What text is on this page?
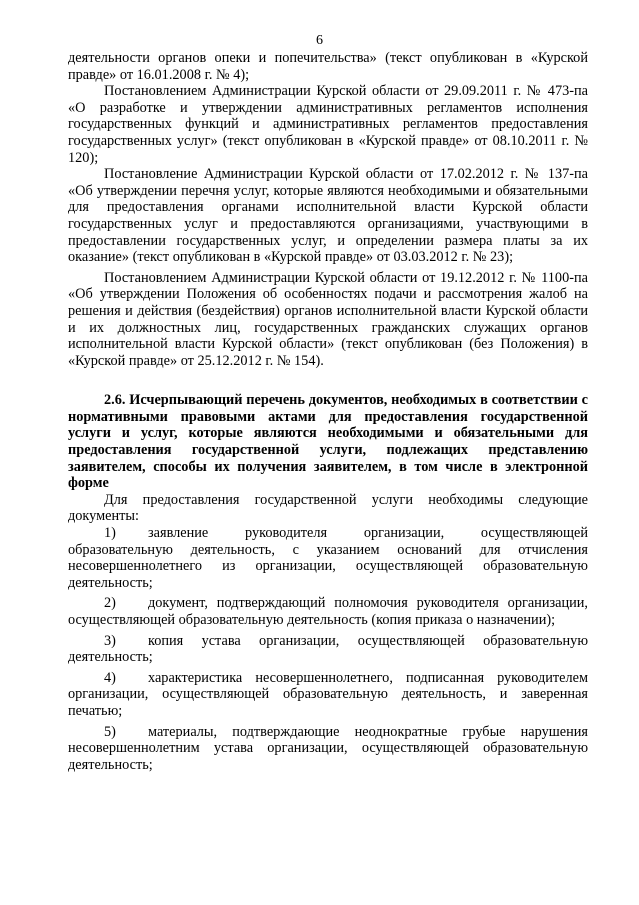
6

деятельности органов опеки и попечительства» (текст опубликован в «Курской правде» от 16.01.2008 г. № 4);

Постановлением Администрации Курской области от 29.09.2011 г. № 473-па «О разработке и утверждении административных регламентов исполнения государственных функций и административных регламентов предоставления государственных услуг» (текст опубликован в «Курской правде» от 08.10.2011 г. № 120);

Постановление Администрации Курской области от 17.02.2012 г. № 137-па «Об утверждении перечня услуг, которые являются необходимыми и обязательными для предоставления органами исполнительной власти Курской области государственных услуг и предоставляются организациями, участвующими в предоставлении государственных услуг, и определении размера платы за их оказание» (текст опубликован в «Курской правде» от 03.03.2012 г. № 23);

Постановлением Администрации Курской области от 19.12.2012 г. № 1100-па «Об утверждении Положения об особенностях подачи и рассмотрения жалоб на решения и действия (бездействия) органов исполнительной власти Курской области и их должностных лиц, государственных гражданских служащих органов исполнительной власти Курской области» (текст опубликован (без Положения) в «Курской правде» от 25.12.2012 г. № 154).

2.6. Исчерпывающий перечень документов, необходимых в соответствии с нормативными правовыми актами для предоставления государственной услуги и услуг, которые являются необходимыми и обязательными для предоставления государственной услуги, подлежащих представлению заявителем, способы их получения заявителем, в том числе в электронной форме

Для предоставления государственной услуги необходимы следующие документы:

1) заявление руководителя организации, осуществляющей образовательную деятельность, с указанием оснований для отчисления несовершеннолетнего из организации, осуществляющей образовательную деятельность;

2) документ, подтверждающий полномочия руководителя организации, осуществляющей образовательную деятельность (копия приказа о назначении);

3) копия устава организации, осуществляющей образовательную деятельность;

4) характеристика несовершеннолетнего, подписанная руководителем организации, осуществляющей образовательную деятельность, и заверенная печатью;

5) материалы, подтверждающие неоднократные грубые нарушения несовершеннолетним устава организации, осуществляющей образовательную деятельность;
